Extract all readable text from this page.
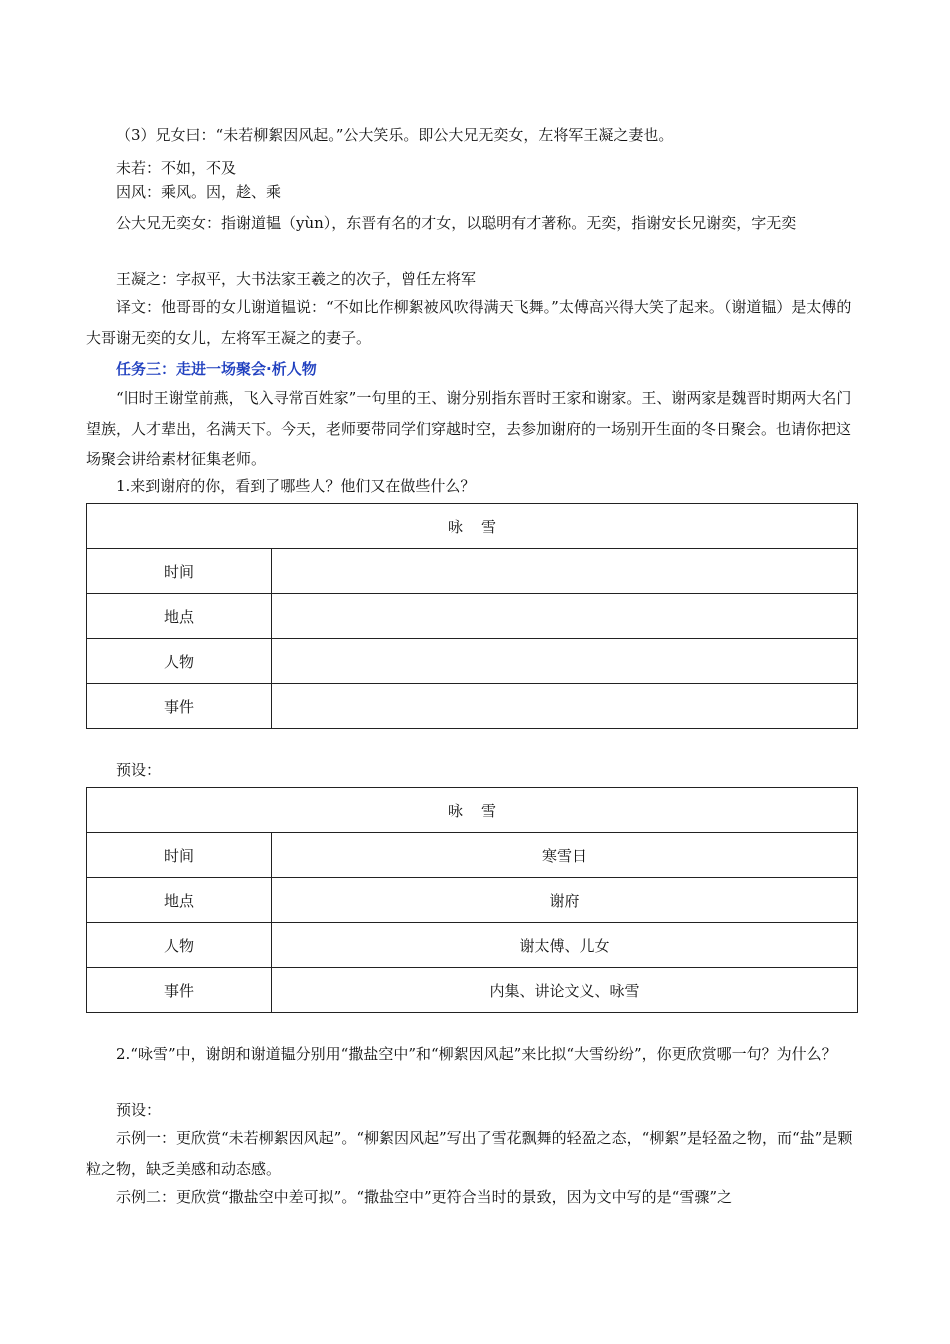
（3）兄女曰：“未若柳絮因风起。”公大笑乐。即公大兄无奕女，左将军王凝之妻也。
未若：不如，不及
因风：乘风。因，趁、乘
公大兄无奕女：指谢道韫（yùn），东晋有名的才女，以聪明有才著称。无奕，指谢安长兄谢奕，字无奕
王凝之：字叔平，大书法家王羲之的次子，曾任左将军
译文：他哥哥的女儿谢道韫说：“不如比作柳絮被风吹得满天飞舞。”太傅高兴得大笑了起来。（谢道韫）是太傅的大哥谢无奕的女儿，左将军王凝之的妻子。
任务三：走进一场聚会·析人物
“旧时王谢堂前燕，飞入寻常百姓家”一句里的王、谢分别指东晋时王家和谢家。王、谢两家是魏晋时期两大名门望族，人才辈出，名满天下。今天，老师要带同学们穿越时空，去参加谢府的一场别开生面的冬日聚会。也请你把这场聚会讲给素材征集老师。
1.来到谢府的你，看到了哪些人？他们又在做些什么？
咏雪	
时间	
地点	
人物	
事件	
预设：
咏雪	
时间	寒雪日
地点	谢府
人物	谢太傅、儿女
事件	内集、讲论文义、咏雪
2.“咏雪”中，谢朗和谢道韫分别用“撒盐空中”和“柳絮因风起”来比拟“大雪纷纷”，你更欣赏哪一句？为什么？
预设：
示例一：更欣赏“未若柳絮因风起”。“柳絮因风起”写出了雪花飘舞的轻盈之态，“柳絮”是轻盈之物，而“盐”是颗粒之物，缺乏美感和动态感。
示例二：更欣赏“撒盐空中差可拟”。“撒盐空中”更符合当时的景致，因为文中写的是“雪骤”之
